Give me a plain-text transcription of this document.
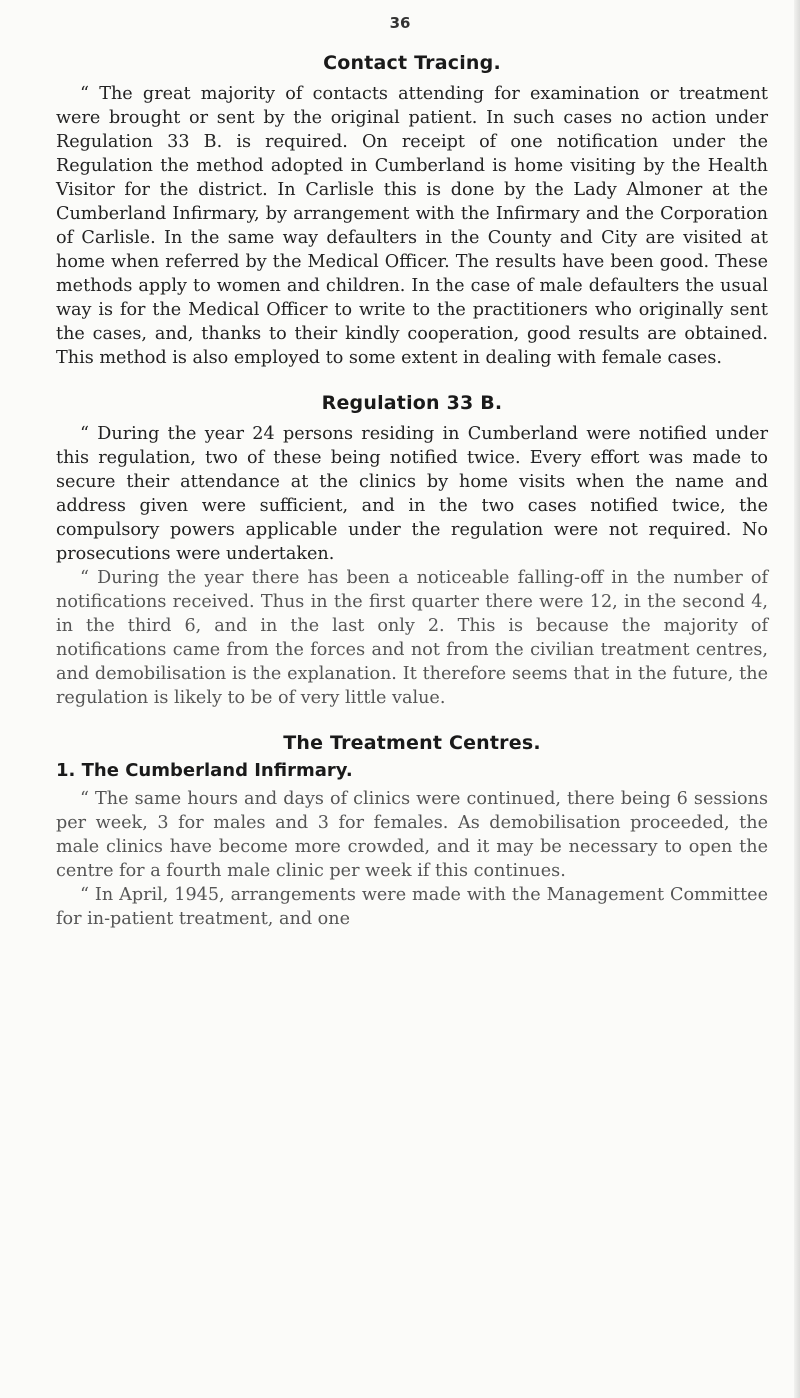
36
Contact Tracing.

“ The great majority of contacts attending for examination or treatment were brought or sent by the original patient. In such cases no action under Regulation 33 B. is required. On receipt of one notification under the Regulation the method adopted in Cumberland is home visiting by the Health Visitor for the district. In Carlisle this is done by the Lady Almoner at the Cumberland Infirmary, by arrangement with the Infirmary and the Corporation of Carlisle. In the same way defaulters in the County and City are visited at home when referred by the Medical Officer. The results have been good. These methods apply to women and children. In the case of male defaulters the usual way is for the Medical Officer to write to the practitioners who originally sent the cases, and, thanks to their kindly cooperation, good results are obtained. This method is also employed to some extent in dealing with female cases.

Regulation 33 B.

“ During the year 24 persons residing in Cumberland were notified under this regulation, two of these being notified twice. Every effort was made to secure their attendance at the clinics by home visits when the name and address given were sufficient, and in the two cases notified twice, the compulsory powers applicable under the regulation were not required. No prosecutions were undertaken.

“ During the year there has been a noticeable falling-off in the number of notifications received. Thus in the first quarter there were 12, in the second 4, in the third 6, and in the last only 2. This is because the majority of notifications came from the forces and not from the civilian treatment centres, and demobilisation is the explanation. It therefore seems that in the future, the regulation is likely to be of very little value.

The Treatment Centres.
1. The Cumberland Infirmary.

“ The same hours and days of clinics were continued, there being 6 sessions per week, 3 for males and 3 for females. As demobilisation proceeded, the male clinics have become more crowded, and it may be necessary to open the centre for a fourth male clinic per week if this continues.

“ In April, 1945, arrangements were made with the Management Committee for in-patient treatment, and one
